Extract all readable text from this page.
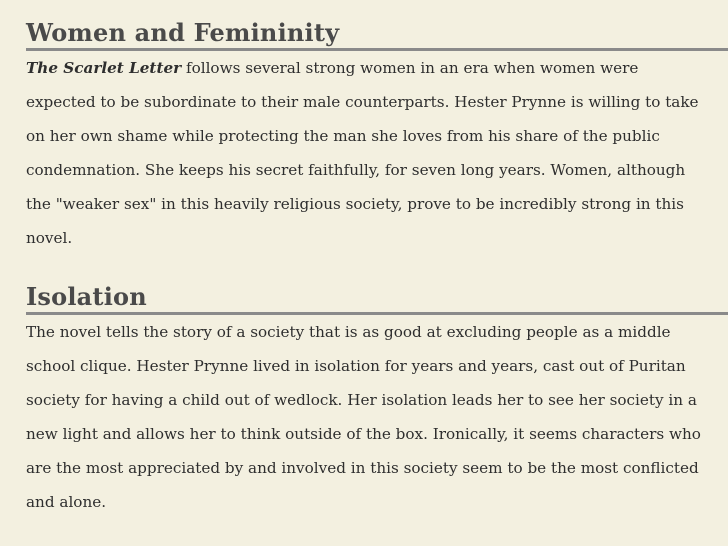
Women and Femininity

The Scarlet Letter follows several strong women in an era when women were expected to be subordinate to their male counterparts. Hester Prynne is willing to take on her own shame while protecting the man she loves from his share of the public condemnation. She keeps his secret faithfully, for seven long years. Women, although the "weaker sex" in this heavily religious society, prove to be incredibly strong in this novel.

Isolation

The novel tells the story of a society that is as good at excluding people as a middle school clique. Hester Prynne lived in isolation for years and years, cast out of Puritan society for having a child out of wedlock. Her isolation leads her to see her society in a new light and allows her to think outside of the box. Ironically, it seems characters who are the most appreciated by and involved in this society seem to be the most conflicted and alone.
